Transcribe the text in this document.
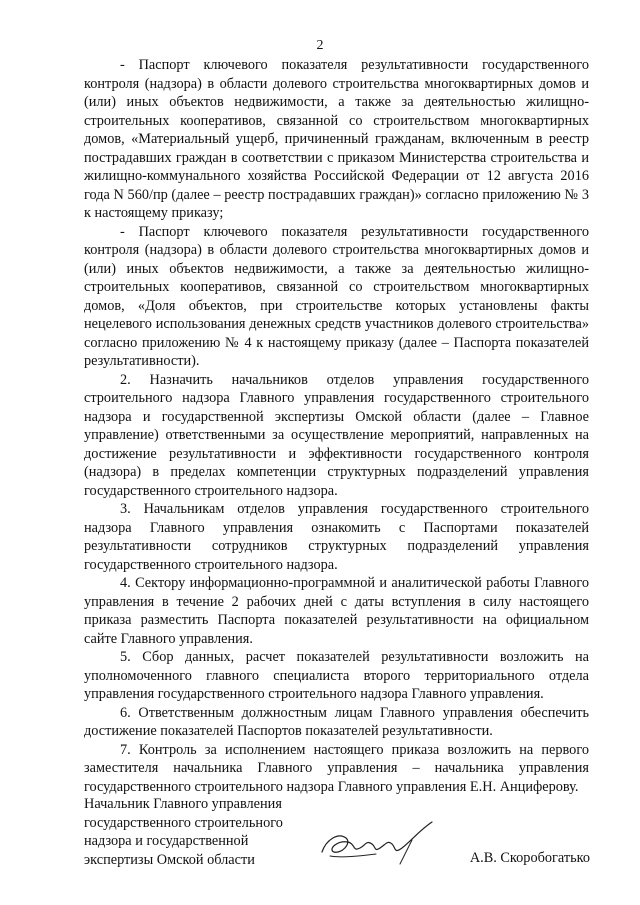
2

- Паспорт ключевого показателя результативности государственного контроля (надзора) в области долевого строительства многоквартирных домов и (или) иных объектов недвижимости, а также за деятельностью жилищно-строительных кооперативов, связанной со строительством многоквартирных домов, «Материальный ущерб, причиненный гражданам, включенным в реестр пострадавших граждан в соответствии с приказом Министерства строительства и жилищно-коммунального хозяйства Российской Федерации от 12 августа 2016 года N 560/пр (далее – реестр пострадавших граждан)» согласно приложению № 3 к настоящему приказу;

- Паспорт ключевого показателя результативности государственного контроля (надзора) в области долевого строительства многоквартирных домов и (или) иных объектов недвижимости, а также за деятельностью жилищно-строительных кооперативов, связанной со строительством многоквартирных домов, «Доля объектов, при строительстве которых установлены факты нецелевого использования денежных средств участников долевого строительства» согласно приложению № 4 к настоящему приказу (далее – Паспорта показателей результативности).

2. Назначить начальников отделов управления государственного строительного надзора Главного управления государственного строительного надзора и государственной экспертизы Омской области (далее – Главное управление) ответственными за осуществление мероприятий, направленных на достижение результативности и эффективности государственного контроля (надзора) в пределах компетенции структурных подразделений управления государственного строительного надзора.

3. Начальникам отделов управления государственного строительного надзора Главного управления ознакомить с Паспортами показателей результативности сотрудников структурных подразделений управления государственного строительного надзора.

4. Сектору информационно-программной и аналитической работы Главного управления в течение 2 рабочих дней с даты вступления в силу настоящего приказа разместить Паспорта показателей результативности на официальном сайте Главного управления.

5. Сбор данных, расчет показателей результативности возложить на уполномоченного главного специалиста второго территориального отдела управления государственного строительного надзора Главного управления.

6. Ответственным должностным лицам Главного управления обеспечить достижение показателей Паспортов показателей результативности.

7. Контроль за исполнением настоящего приказа возложить на первого заместителя начальника Главного управления – начальника управления государственного строительного надзора Главного управления Е.Н. Анциферову.

Начальник Главного управления
государственного строительного
надзора и государственной
экспертизы Омской области	А.В. Скоробогатько
